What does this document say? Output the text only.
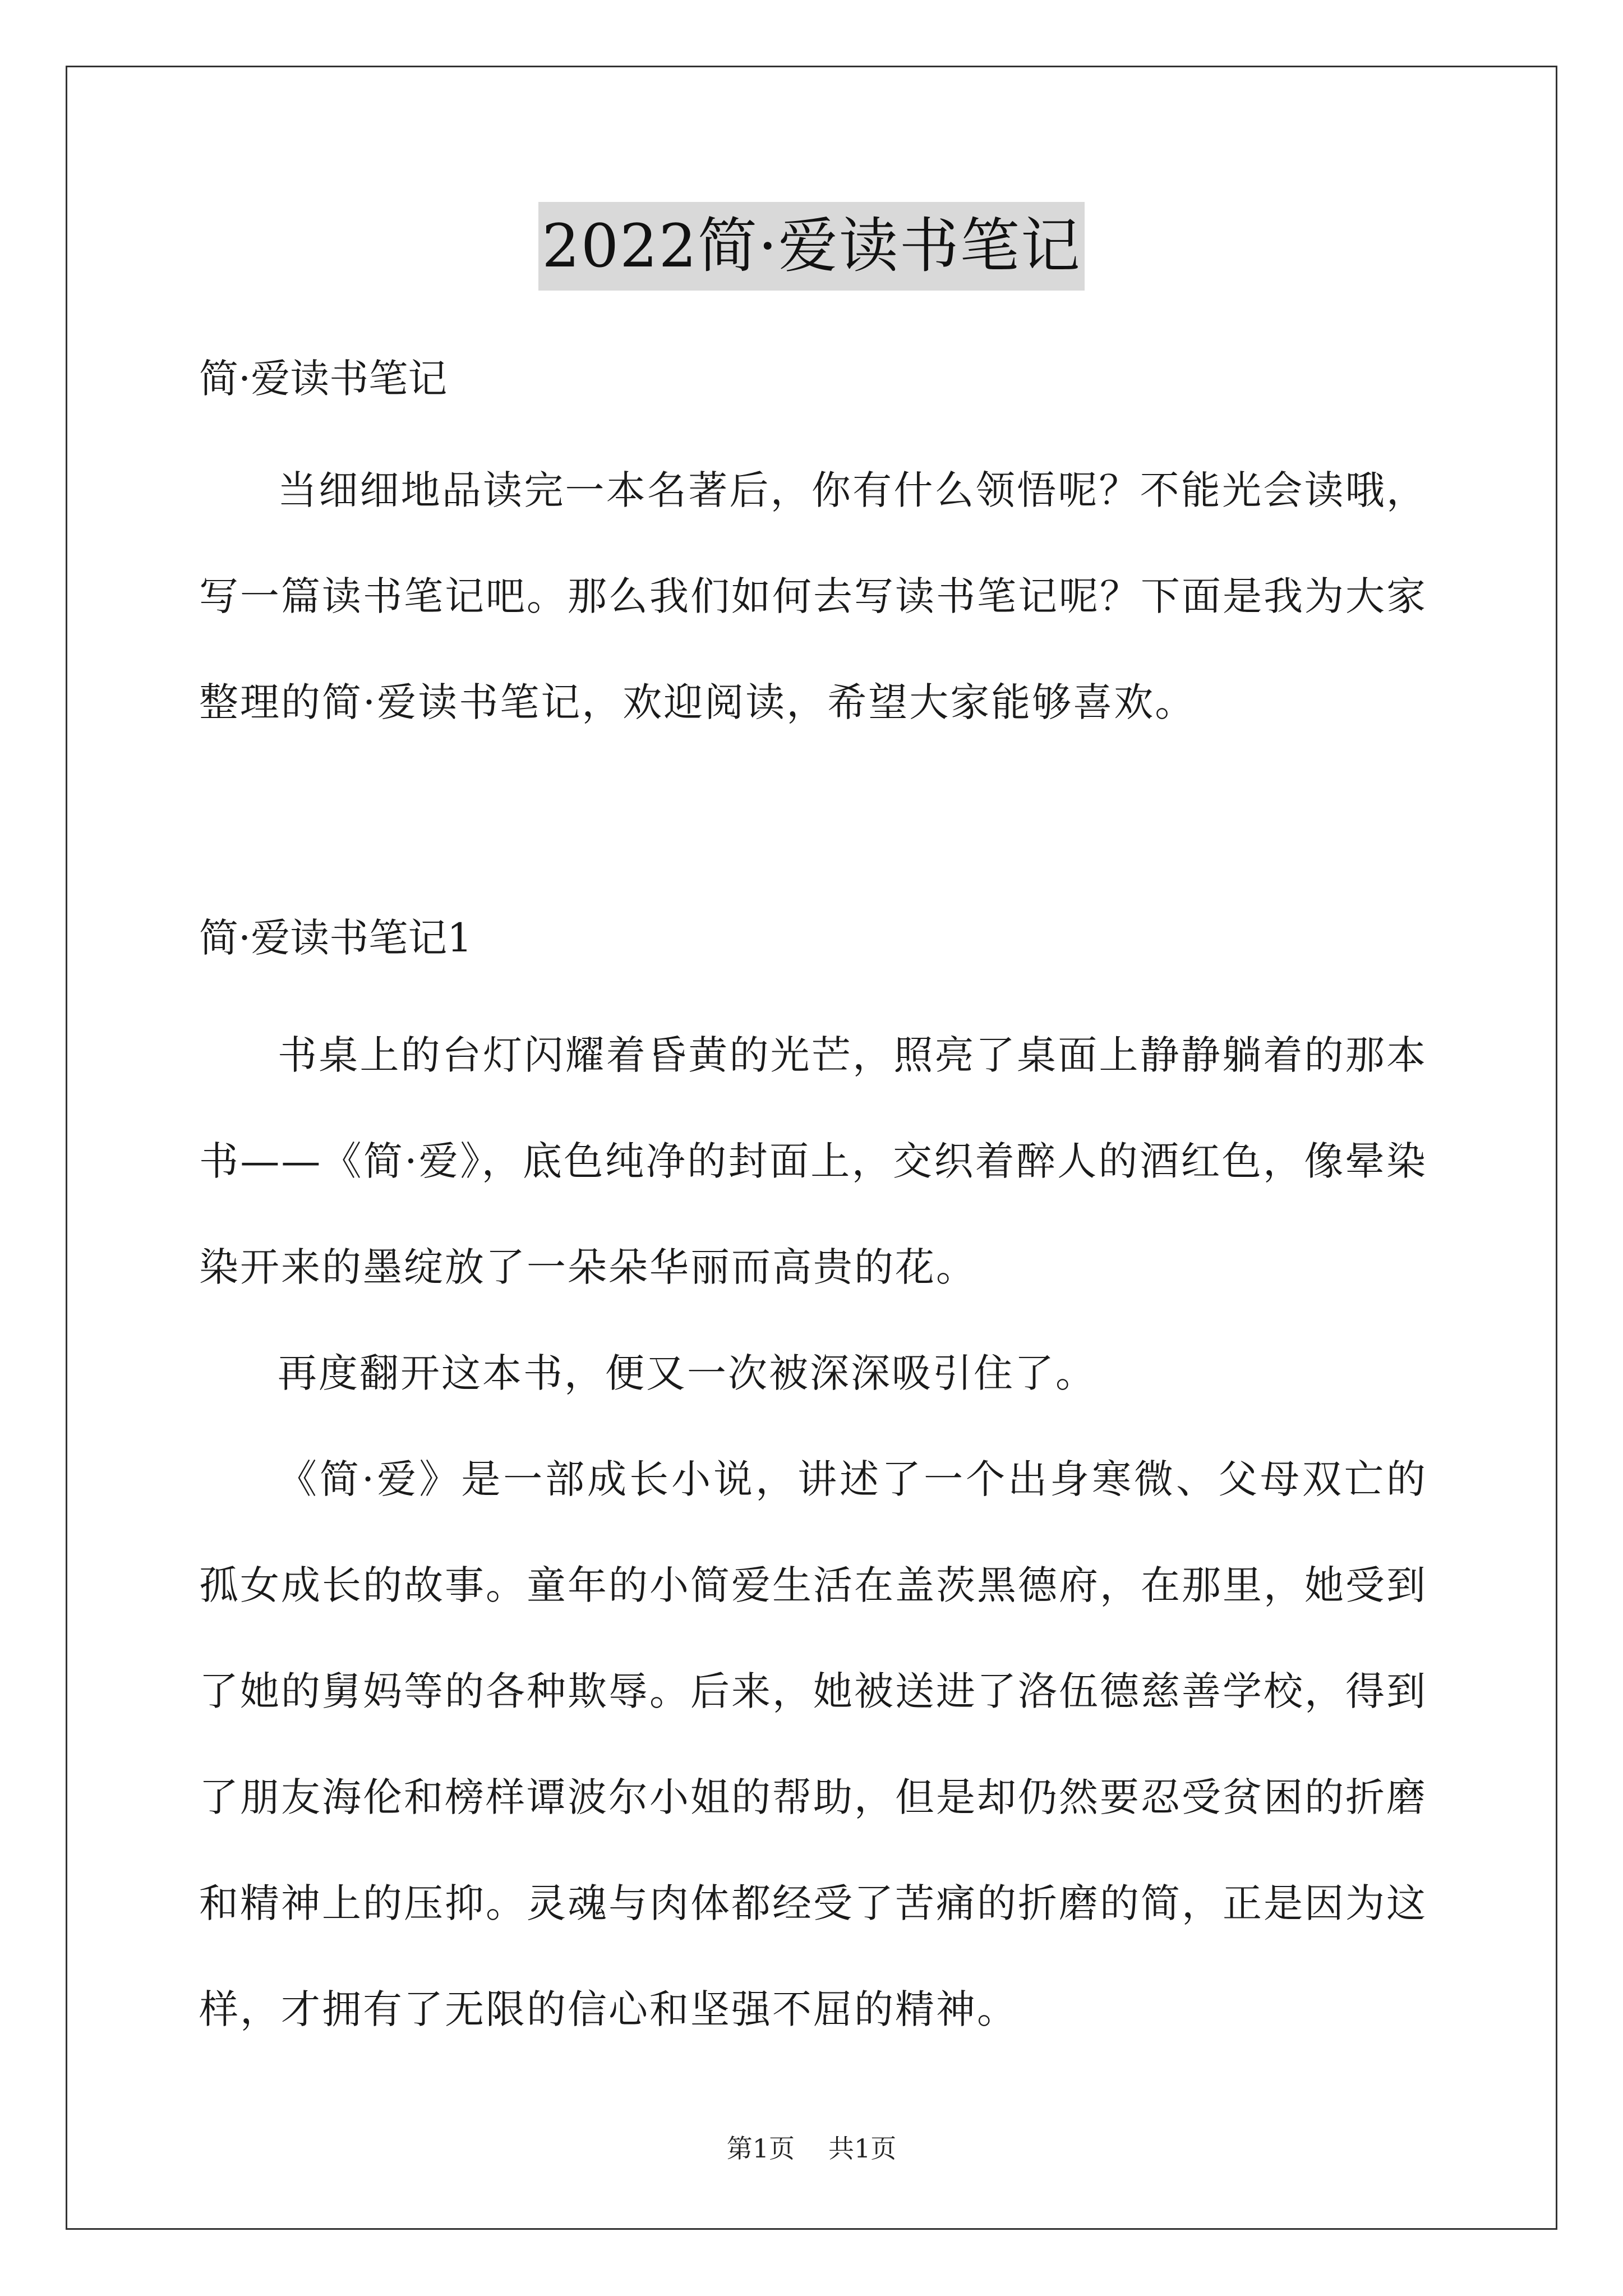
2022简·爱读书笔记

简·爱读书笔记

当细细地品读完一本名著后，你有什么领悟呢？不能光会读哦，写一篇读书笔记吧。那么我们如何去写读书笔记呢？下面是我为大家整理的简·爱读书笔记，欢迎阅读，希望大家能够喜欢。

简·爱读书笔记1

书桌上的台灯闪耀着昏黄的光芒，照亮了桌面上静静躺着的那本书——《简·爱》，底色纯净的封面上，交织着醉人的酒红色，像晕染染开来的墨绽放了一朵朵华丽而高贵的花。

再度翻开这本书，便又一次被深深吸引住了。

《简·爱》是一部成长小说，讲述了一个出身寒微、父母双亡的孤女成长的故事。童年的小简爱生活在盖茨黑德府，在那里，她受到了她的舅妈等的各种欺辱。后来，她被送进了洛伍德慈善学校，得到了朋友海伦和榜样谭波尔小姐的帮助，但是却仍然要忍受贫困的折磨和精神上的压抑。灵魂与肉体都经受了苦痛的折磨的简，正是因为这样，才拥有了无限的信心和坚强不屈的精神。

第1页 共1页
